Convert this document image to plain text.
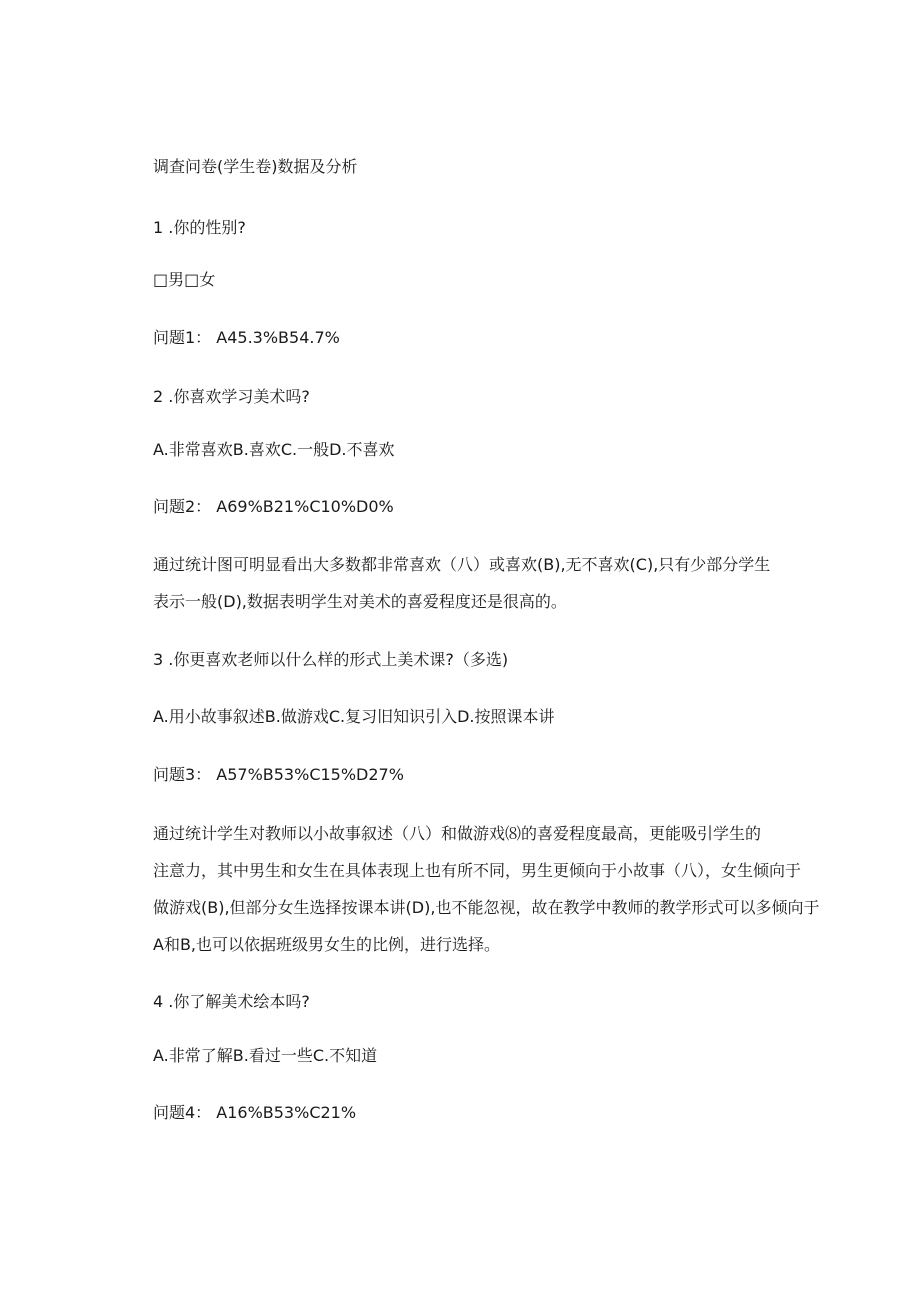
调查问卷(学生卷)数据及分析

1 .你的性别?

□男□女

问题1： A45.3%B54.7%

2 .你喜欢学习美术吗?

A.非常喜欢B.喜欢C.一般D.不喜欢

问题2： A69%B21%C10%D0%

通过统计图可明显看出大多数都非常喜欢（八）或喜欢(B),无不喜欢(C),只有少部分学生
表示一般(D),数据表明学生对美术的喜爱程度还是很高的。

3 .你更喜欢老师以什么样的形式上美术课?（多选)

A.用小故事叙述B.做游戏C.复习旧知识引入D.按照课本讲

问题3： A57%B53%C15%D27%

通过统计学生对教师以小故事叙述（八）和做游戏⑻的喜爱程度最高，更能吸引学生的
注意力，其中男生和女生在具体表现上也有所不同，男生更倾向于小故事（八），女生倾向于
做游戏(B),但部分女生选择按课本讲(D),也不能忽视，故在教学中教师的教学形式可以多倾向于
A和B,也可以依据班级男女生的比例，进行选择。

4 .你了解美术绘本吗?

A.非常了解B.看过一些C.不知道

问题4： A16%B53%C21%
